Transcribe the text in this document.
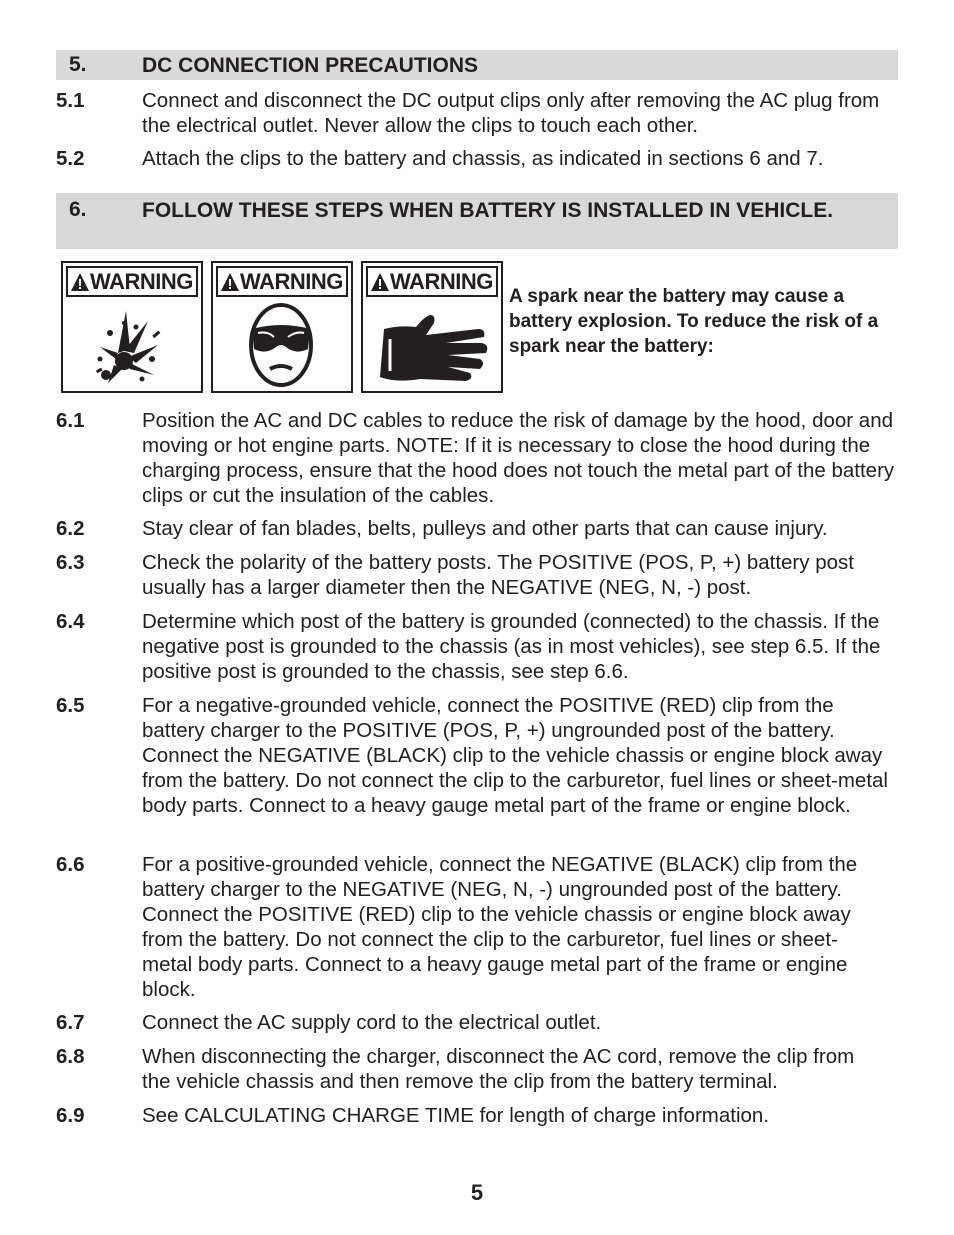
5.	DC CONNECTION PRECAUTIONS
5.1	Connect and disconnect the DC output clips only after removing the AC plug from the electrical outlet. Never allow the clips to touch each other.
5.2	Attach the clips to the battery and chassis, as indicated in sections 6 and 7.
6.	FOLLOW THESE STEPS WHEN BATTERY IS INSTALLED IN VEHICLE.
WARNING	WARNING	WARNING
A spark near the battery may cause a battery explosion. To reduce the risk of a spark near the battery:
6.1	Position the AC and DC cables to reduce the risk of damage by the hood, door and moving or hot engine parts. NOTE: If it is necessary to close the hood during the charging process, ensure that the hood does not touch the metal part of the battery clips or cut the insulation of the cables.
6.2	Stay clear of fan blades, belts, pulleys and other parts that can cause injury.
6.3	Check the polarity of the battery posts. The POSITIVE (POS, P, +) battery post usually has a larger diameter then the NEGATIVE (NEG, N, -) post.
6.4	Determine which post of the battery is grounded (connected) to the chassis. If the negative post is grounded to the chassis (as in most vehicles), see step 6.5. If the positive post is grounded to the chassis, see step 6.6.
6.5	For a negative-grounded vehicle, connect the POSITIVE (RED) clip from the battery charger to the POSITIVE (POS, P, +) ungrounded post of the battery. Connect the NEGATIVE (BLACK) clip to the vehicle chassis or engine block away from the battery. Do not connect the clip to the carburetor, fuel lines or sheet-metal body parts. Connect to a heavy gauge metal part of the frame or engine block.
6.6	For a positive-grounded vehicle, connect the NEGATIVE (BLACK) clip from the battery charger to the NEGATIVE (NEG, N, -) ungrounded post of the battery. Connect the POSITIVE (RED) clip to the vehicle chassis or engine block away from the battery. Do not connect the clip to the carburetor, fuel lines or sheet-metal body parts. Connect to a heavy gauge metal part of the frame or engine block.
6.7	Connect the AC supply cord to the electrical outlet.
6.8	When disconnecting the charger, disconnect the AC cord, remove the clip from the vehicle chassis and then remove the clip from the battery terminal.
6.9	See CALCULATING CHARGE TIME for length of charge information.
5
